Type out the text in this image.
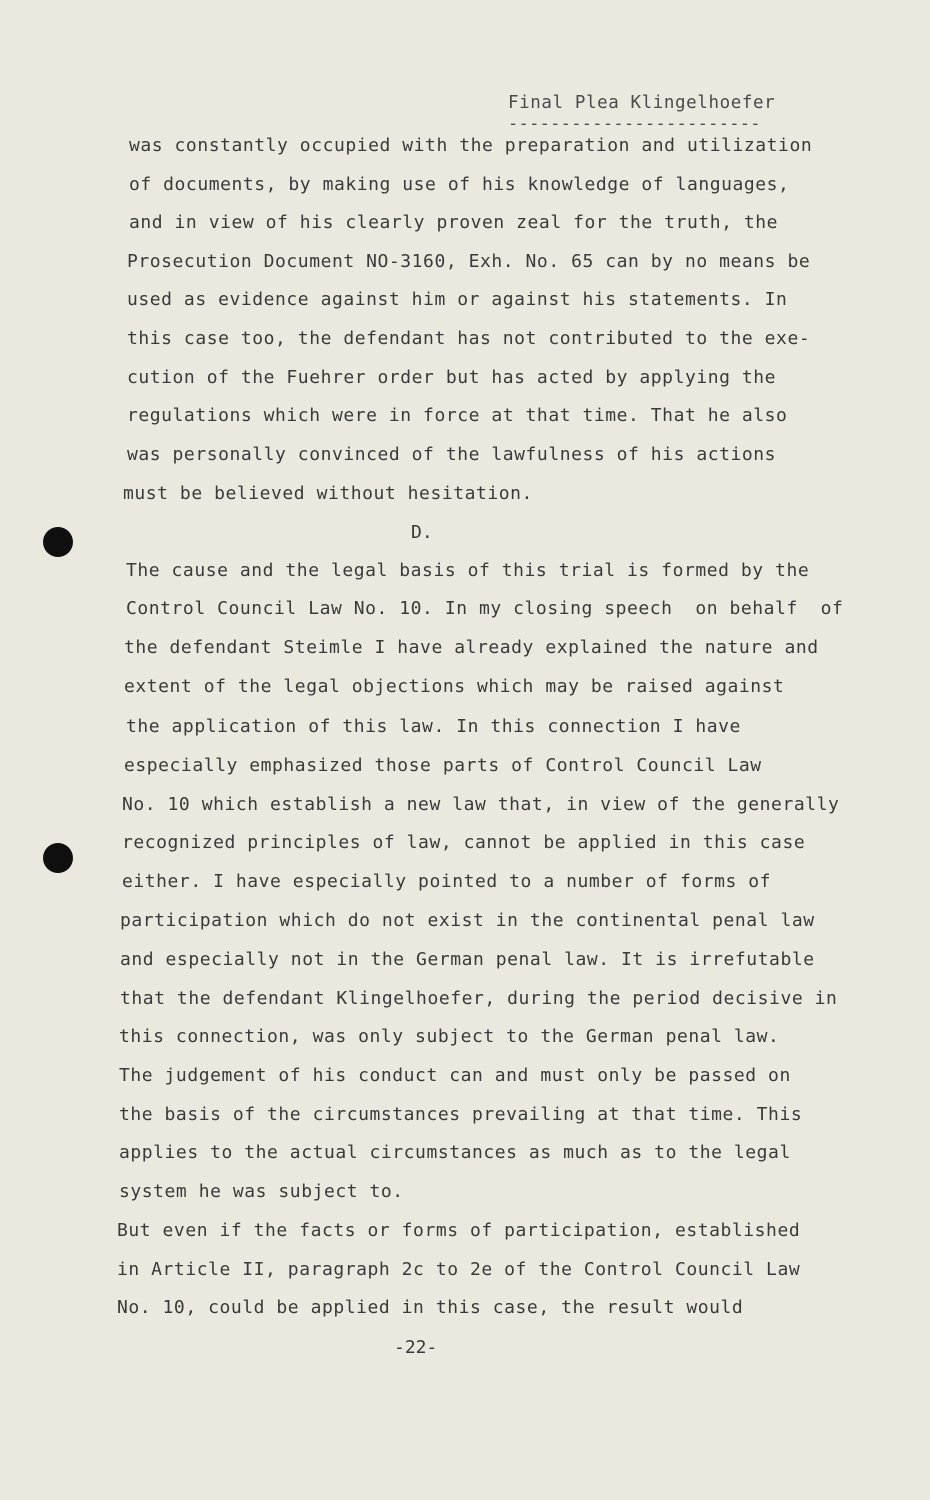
Final Plea Klingelhoefer
------------------------
was constantly occupied with the preparation and utilization
of documents, by making use of his knowledge of languages,
and in view of his clearly proven zeal for the truth, the
Prosecution Document NO-3160, Exh. No. 65 can by no means be
used as evidence against him or against his statements. In
this case too, the defendant has not contributed to the exe-
cution of the Fuehrer order but has acted by applying the
regulations which were in force at that time. That he also
was personally convinced of the lawfulness of his actions
must be believed without hesitation.
D.
The cause and the legal basis of this trial is formed by the
Control Council Law No. 10. In my closing speech  on behalf  of
the defendant Steimle I have already explained the nature and
extent of the legal objections which may be raised against
the application of this law. In this connection I have
especially emphasized those parts of Control Council Law
No. 10 which establish a new law that, in view of the generally
recognized principles of law, cannot be applied in this case
either. I have especially pointed to a number of forms of
participation which do not exist in the continental penal law
and especially not in the German penal law. It is irrefutable
that the defendant Klingelhoefer, during the period decisive in
this connection, was only subject to the German penal law.
The judgement of his conduct can and must only be passed on
the basis of the circumstances prevailing at that time. This
applies to the actual circumstances as much as to the legal
system he was subject to.
But even if the facts or forms of participation, established
in Article II, paragraph 2c to 2e of the Control Council Law
No. 10, could be applied in this case, the result would
-22-
